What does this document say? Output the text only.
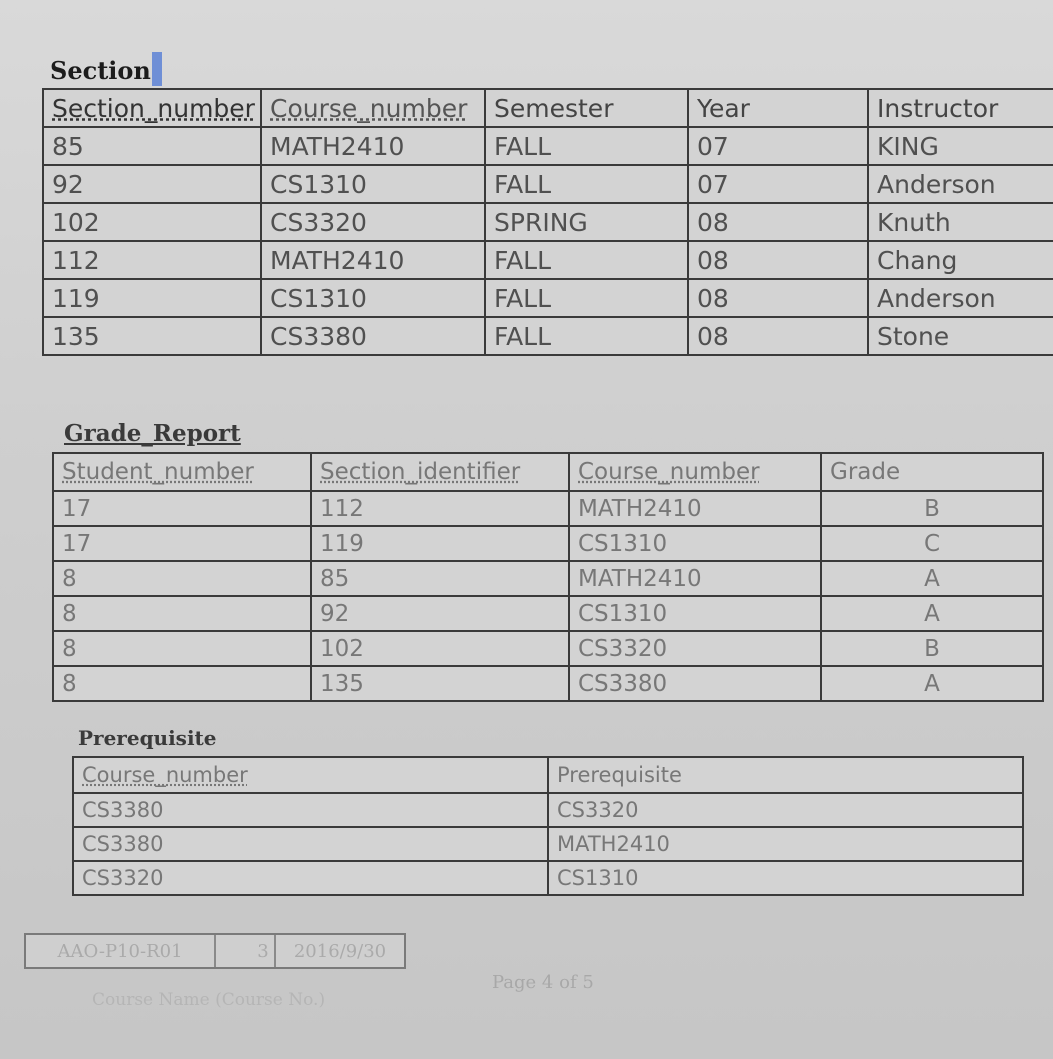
Section
Section_number	Course_number	Semester	Year	Instructor
85	MATH2410	FALL	07	KING
92	CS1310	FALL	07	Anderson
102	CS3320	SPRING	08	Knuth
112	MATH2410	FALL	08	Chang
119	CS1310	FALL	08	Anderson
135	CS3380	FALL	08	Stone
Grade_Report
Student_number	Section_identifier	Course_number	Grade
17	112	MATH2410	B
17	119	CS1310	C
8	85	MATH2410	A
8	92	CS1310	A
8	102	CS3320	B
8	135	CS3380	A
Prerequisite
Course_number	Prerequisite
CS3380	CS3320
CS3380	MATH2410
CS3320	CS1310
AAO-P10-R01	3	2016/9/30
Page 4 of 5
Course Name (Course No.)
